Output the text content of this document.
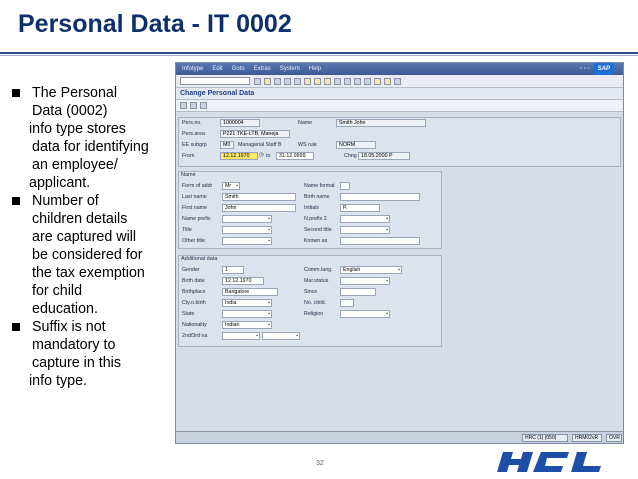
Personal Data - IT 0002
The Personal
Data (0002)
info type stores
data for identifying
an employee/
applicant.
Number of
children details
are captured will
be considered for
the tax exemption
for child
education.
Suffix is not
mandatory to
capture in this
info type.
Infotype Edit Goto Extras System Help	▫ ▫ ▫	SAP
Change Personal Data
Pers.no.	1000004	Name	Smith John
Pers.area	P221 TKE-LTB, Maneja
EE subgrp	M0	Managerial Staff B	WS rule	NORM
From	12.12.1970	◷ to	31.12.9999	Chng 18.05.2000 P
Name
Form of addr	Mr ▪	Name format
Last name	Smith	Birth name
First name	John	Initials	P.
Name prefix	▪	N.prefix 2	▪
Title	▪	Second title	▪
Other title	▪	Known as
Additional data
Gender	1	Comm.lang.	English	▪
Birth date	12.12.1970	Mar.status	▪
Birthplace	Bangalore	Since
Cty.o.birth	India	▪	No. child.
State	▪	Religion	▪
Nationality	Indian	▪
2nd/3rd na	▪	▪
HRC (1) (050)	HRM02vR	OVR
32
HCL
